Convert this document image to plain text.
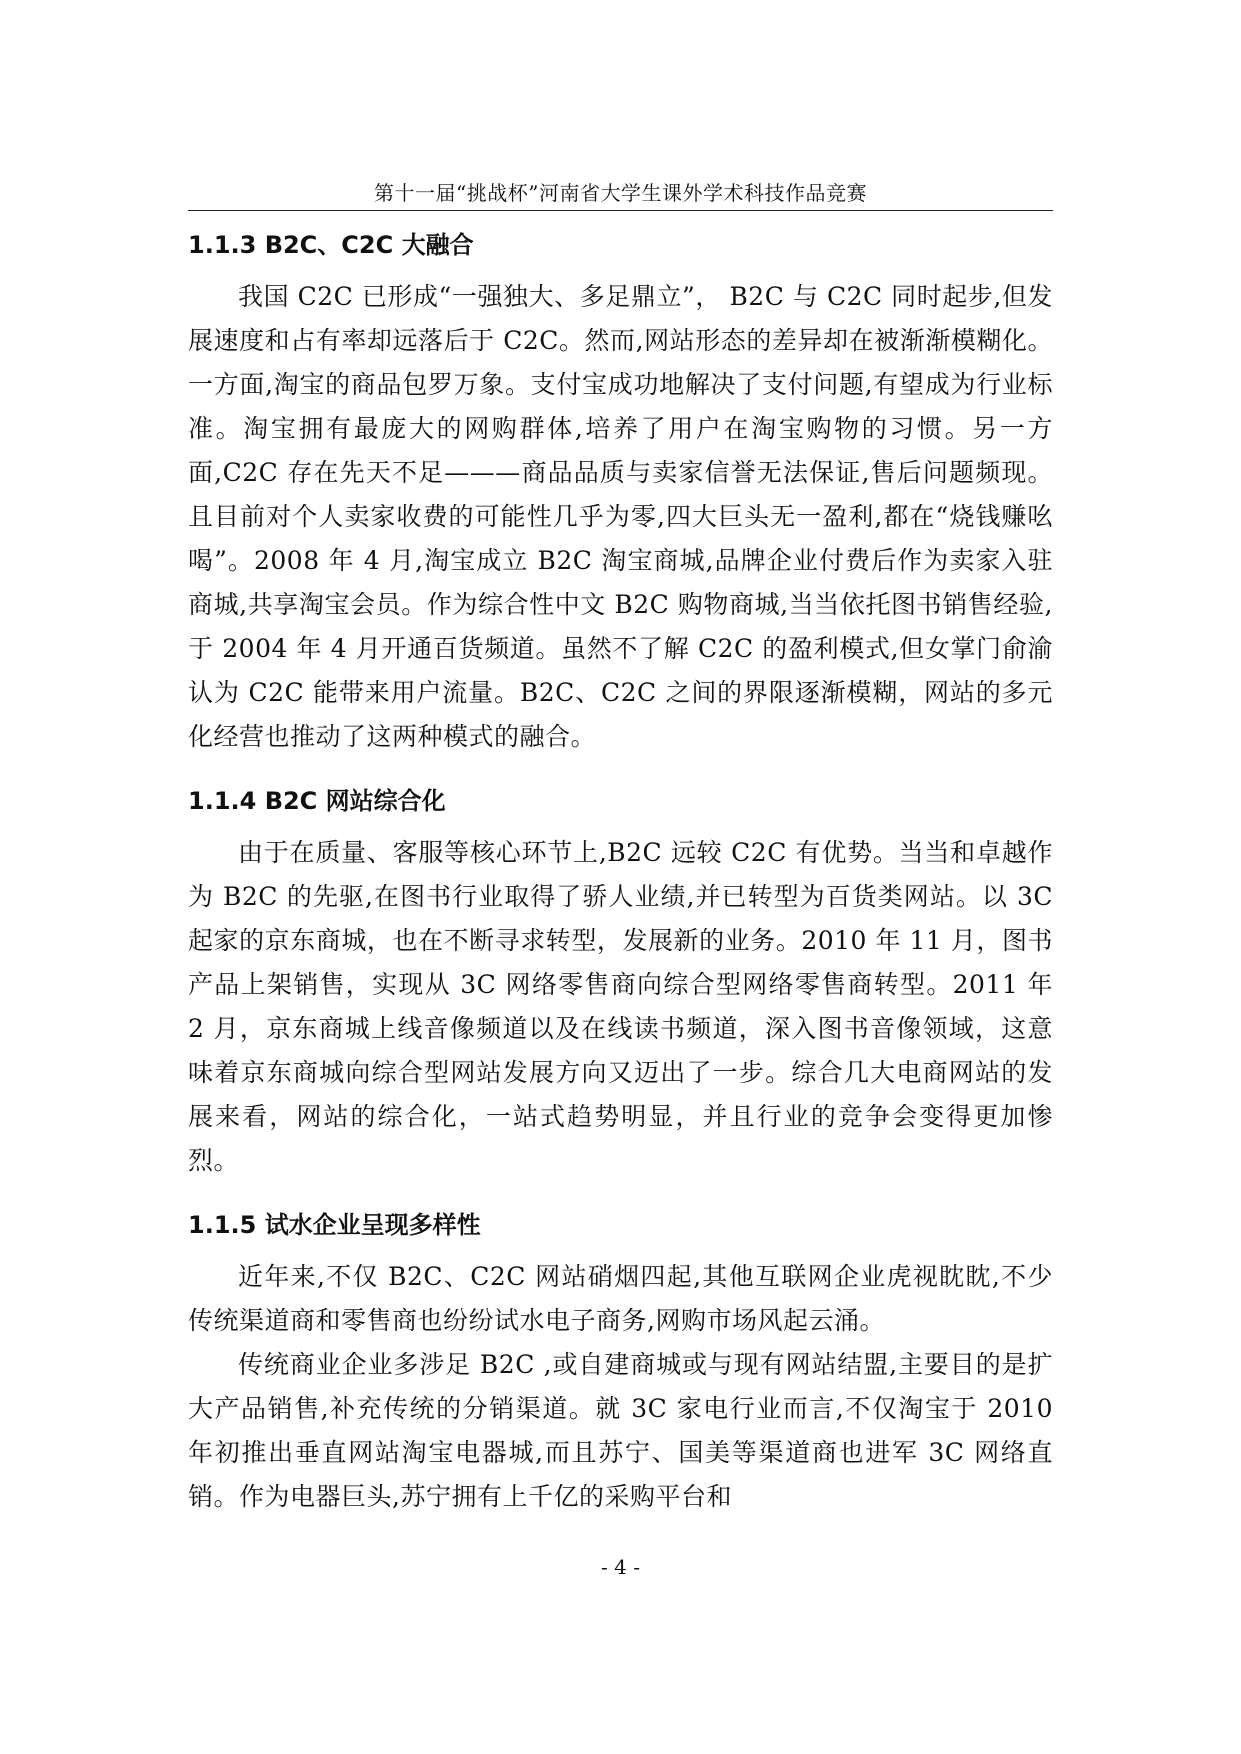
第十一届“挑战杯”河南省大学生课外学术科技作品竞赛
1.1.3 B2C、C2C 大融合

我国 C2C 已形成“一强独大、多足鼎立”， B2C 与 C2C 同时起步,但发展速度和占有率却远落后于 C2C。然而,网站形态的差异却在被渐渐模糊化。一方面,淘宝的商品包罗万象。支付宝成功地解决了支付问题,有望成为行业标准。淘宝拥有最庞大的网购群体,培养了用户在淘宝购物的习惯。另一方面,C2C 存在先天不足———商品品质与卖家信誉无法保证,售后问题频现。且目前对个人卖家收费的可能性几乎为零,四大巨头无一盈利,都在“烧钱赚吆喝”。2008 年 4 月,淘宝成立 B2C 淘宝商城,品牌企业付费后作为卖家入驻商城,共享淘宝会员。作为综合性中文 B2C 购物商城,当当依托图书销售经验,于 2004 年 4 月开通百货频道。虽然不了解 C2C 的盈利模式,但女掌门俞渝认为 C2C 能带来用户流量。B2C、C2C 之间的界限逐渐模糊，网站的多元化经营也推动了这两种模式的融合。

1.1.4 B2C 网站综合化

由于在质量、客服等核心环节上,B2C 远较 C2C 有优势。当当和卓越作为 B2C 的先驱,在图书行业取得了骄人业绩,并已转型为百货类网站。以 3C 起家的京东商城，也在不断寻求转型，发展新的业务。2010 年 11 月，图书产品上架销售，实现从 3C 网络零售商向综合型网络零售商转型。2011 年 2 月，京东商城上线音像频道以及在线读书频道，深入图书音像领域，这意味着京东商城向综合型网站发展方向又迈出了一步。综合几大电商网站的发展来看，网站的综合化，一站式趋势明显，并且行业的竞争会变得更加惨烈。

1.1.5 试水企业呈现多样性

近年来,不仅 B2C、C2C 网站硝烟四起,其他互联网企业虎视眈眈,不少传统渠道商和零售商也纷纷试水电子商务,网购市场风起云涌。

传统商业企业多涉足 B2C ,或自建商城或与现有网站结盟,主要目的是扩大产品销售,补充传统的分销渠道。就 3C 家电行业而言,不仅淘宝于 2010 年初推出垂直网站淘宝电器城,而且苏宁、国美等渠道商也进军 3C 网络直销。作为电器巨头,苏宁拥有上千亿的采购平台和

- 4 -
